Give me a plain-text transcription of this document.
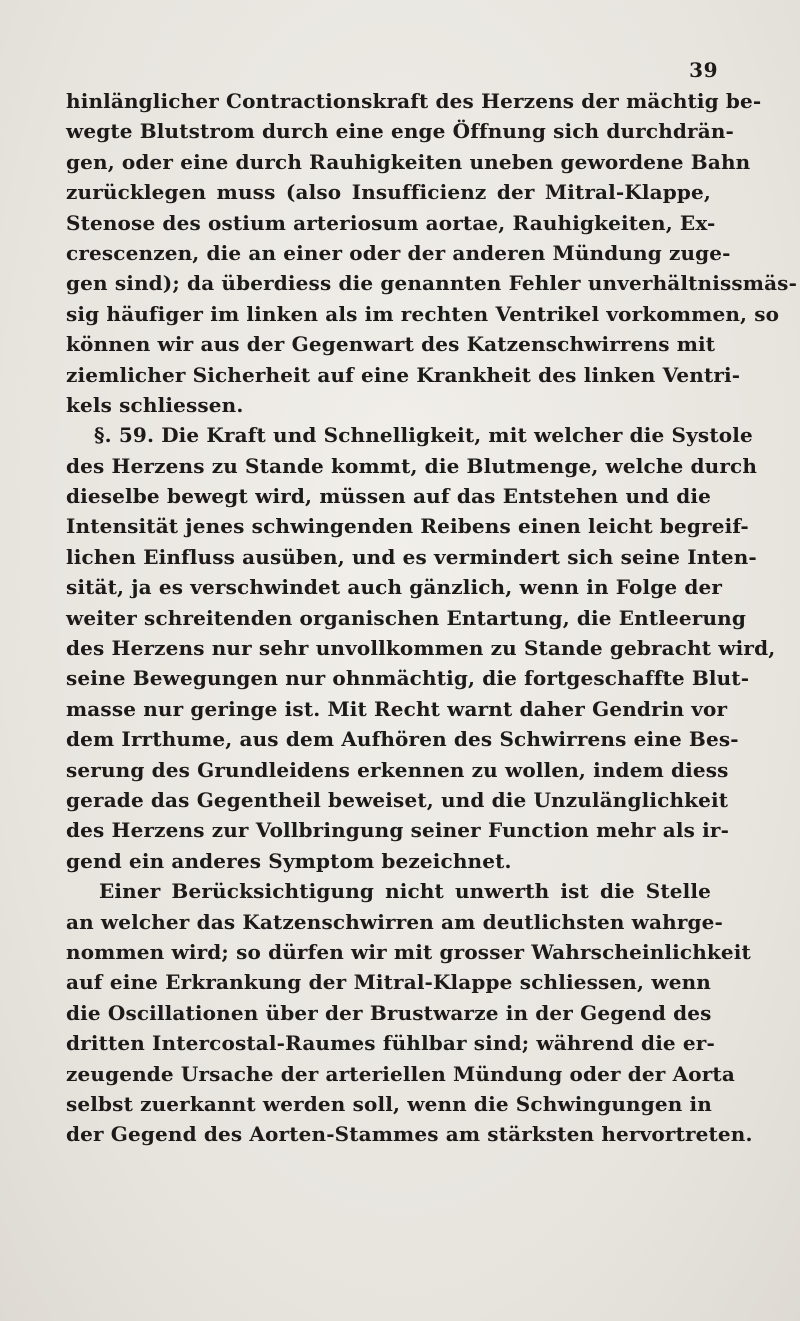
39
hinlänglicher Contractionskraft des Herzens der mächtig be-
wegte Blutstrom durch eine enge Öffnung sich durchdrän-
gen, oder eine durch Rauhigkeiten uneben gewordene Bahn
zurücklegen muss (also Insufficienz der Mitral-Klappe,
Stenose des ostium arteriosum aortae, Rauhigkeiten, Ex-
crescenzen, die an einer oder der anderen Mündung zuge-
gen sind); da überdiess die genannten Fehler unverhältnissmäs-
sig häufiger im linken als im rechten Ventrikel vorkommen, so
können wir aus der Gegenwart des Katzenschwirrens mit
ziemlicher Sicherheit auf eine Krankheit des linken Ventri-
kels schliessen.
§. 59. Die Kraft und Schnelligkeit, mit welcher die Systole
des Herzens zu Stande kommt, die Blutmenge, welche durch
dieselbe bewegt wird, müssen auf das Entstehen und die
Intensität jenes schwingenden Reibens einen leicht begreif-
lichen Einfluss ausüben, und es vermindert sich seine Inten-
sität, ja es verschwindet auch gänzlich, wenn in Folge der
weiter schreitenden organischen Entartung, die Entleerung
des Herzens nur sehr unvollkommen zu Stande gebracht wird,
seine Bewegungen nur ohnmächtig, die fortgeschaffte Blut-
masse nur geringe ist. Mit Recht warnt daher Gendrin vor
dem Irrthume, aus dem Aufhören des Schwirrens eine Bes-
serung des Grundleidens erkennen zu wollen, indem diess
gerade das Gegentheil beweiset, und die Unzulänglichkeit
des Herzens zur Vollbringung seiner Function mehr als ir-
gend ein anderes Symptom bezeichnet.
Einer Berücksichtigung nicht unwerth ist die Stelle
an welcher das Katzenschwirren am deutlichsten wahrge-
nommen wird; so dürfen wir mit grosser Wahrscheinlichkeit
auf eine Erkrankung der Mitral-Klappe schliessen, wenn
die Oscillationen über der Brustwarze in der Gegend des
dritten Intercostal-Raumes fühlbar sind; während die er-
zeugende Ursache der arteriellen Mündung oder der Aorta
selbst zuerkannt werden soll, wenn die Schwingungen in
der Gegend des Aorten-Stammes am stärksten hervortreten.
